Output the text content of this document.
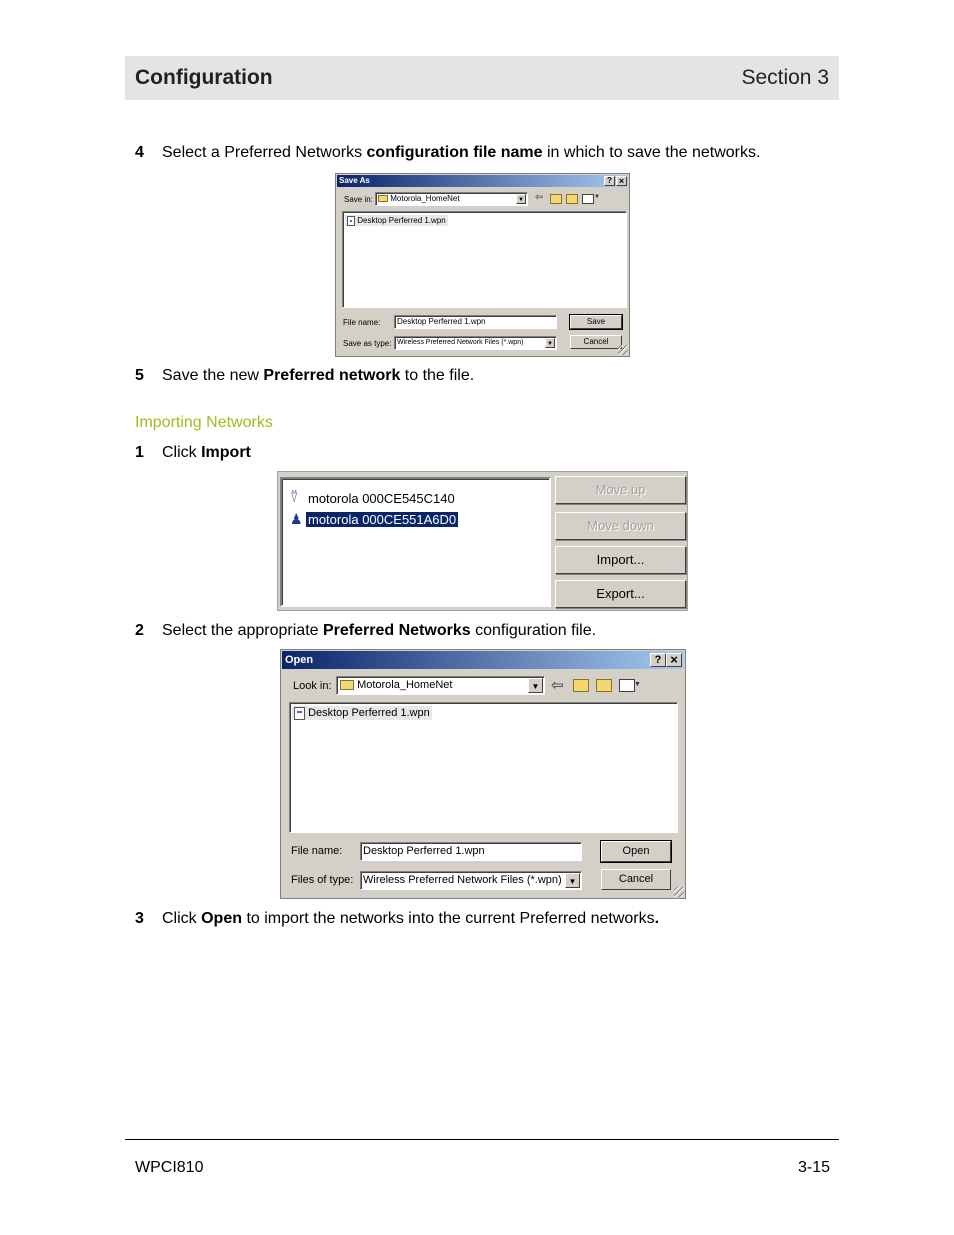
Configuration	Section 3
4 Select a Preferred Networks configuration file name in which to save the networks.
Save As	? ×
Save in:	Motorola_HomeNet	▼ ⇦	▼
Desktop Perferred 1.wpn
File name:	Desktop Perferred 1.wpn	Save
Save as type: Wireless Preferred Network Files (*.wpn)	▼	Cancel
5 Save the new Preferred network to the file.
Importing Networks
1 Click Import
⍢ motorola 000CE545C140
♟ motorola 000CE551A6D0
Move up
Move down
Import...
Export...
2 Select the appropriate Preferred Networks configuration file.
Open	? ×
Look in:	Motorola_HomeNet	▼ ⇦	▼
Desktop Perferred 1.wpn
File name: Desktop Perferred 1.wpn	Open
Files of type: Wireless Preferred Network Files (*.wpn) ▼	Cancel
3 Click Open to import the networks into the current Preferred networks.
WPCI810	3-15
